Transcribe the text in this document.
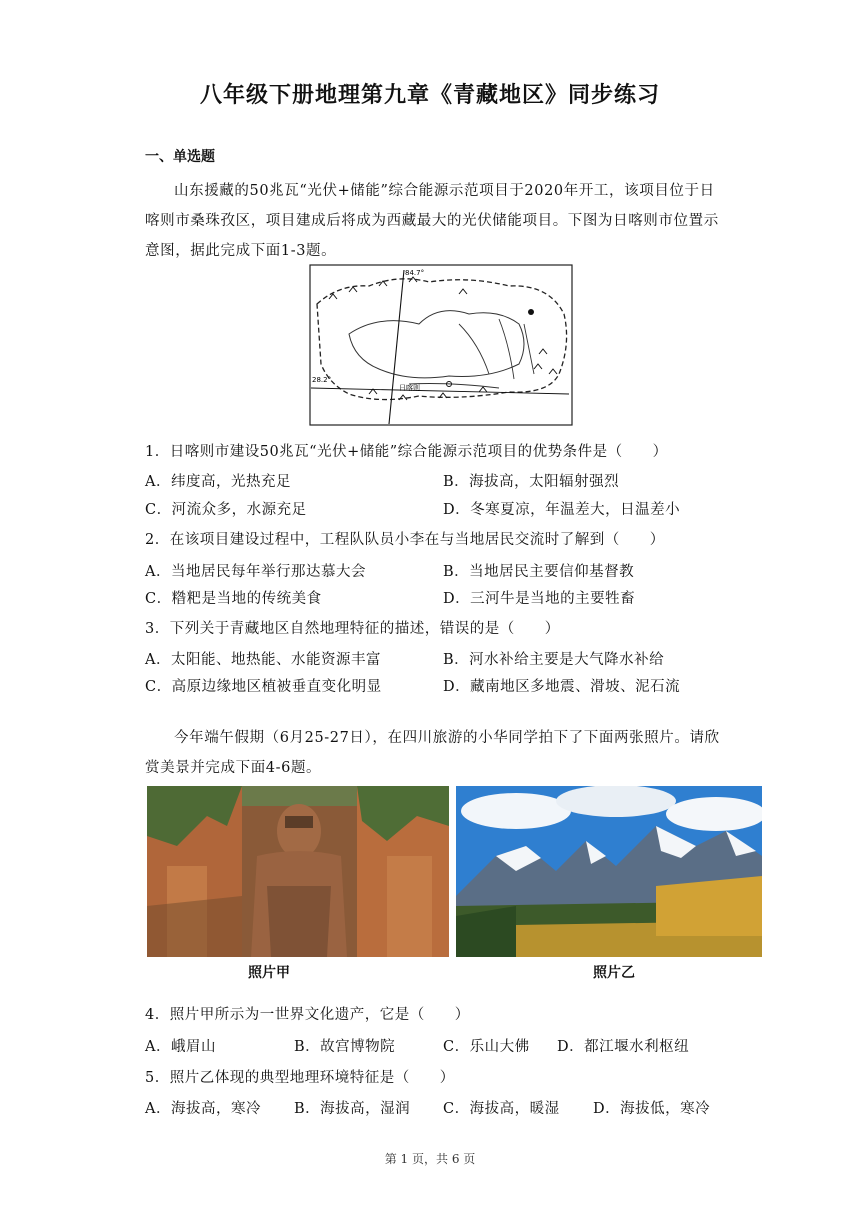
八年级下册地理第九章《青藏地区》同步练习
一、单选题

山东援藏的50兆瓦“光伏+储能”综合能源示范项目于2020年开工，该项目位于日喀则市桑珠孜区，项目建成后将成为西藏最大的光伏储能项目。下图为日喀则市位置示意图，据此完成下面1-3题。

84.7°
28.2°
日喀则
1．日喀则市建设50兆瓦“光伏+储能”综合能源示范项目的优势条件是（　　）
A．纬度高，光热充足	B．海拔高，太阳辐射强烈
C．河流众多，水源充足	D．冬寒夏凉，年温差大，日温差小
2．在该项目建设过程中，工程队队员小李在与当地居民交流时了解到（　　）
A．当地居民每年举行那达慕大会	B．当地居民主要信仰基督教
C．糌粑是当地的传统美食	D．三河牛是当地的主要牲畜
3．下列关于青藏地区自然地理特征的描述，错误的是（　　）
A．太阳能、地热能、水能资源丰富	B．河水补给主要是大气降水补给
C．高原边缘地区植被垂直变化明显	D．藏南地区多地震、滑坡、泥石流

今年端午假期（6月25-27日），在四川旅游的小华同学拍下了下面两张照片。请欣赏美景并完成下面4-6题。

照片甲	照片乙
4．照片甲所示为一世界文化遗产，它是（　　）
A．峨眉山	B．故宫博物院	C．乐山大佛 D．都江堰水利枢纽
5．照片乙体现的典型地理环境特征是（　　）
A．海拔高，寒冷 B．海拔高，湿润 C．海拔高，暖湿 D．海拔低，寒冷
第 1 页，共 6 页
